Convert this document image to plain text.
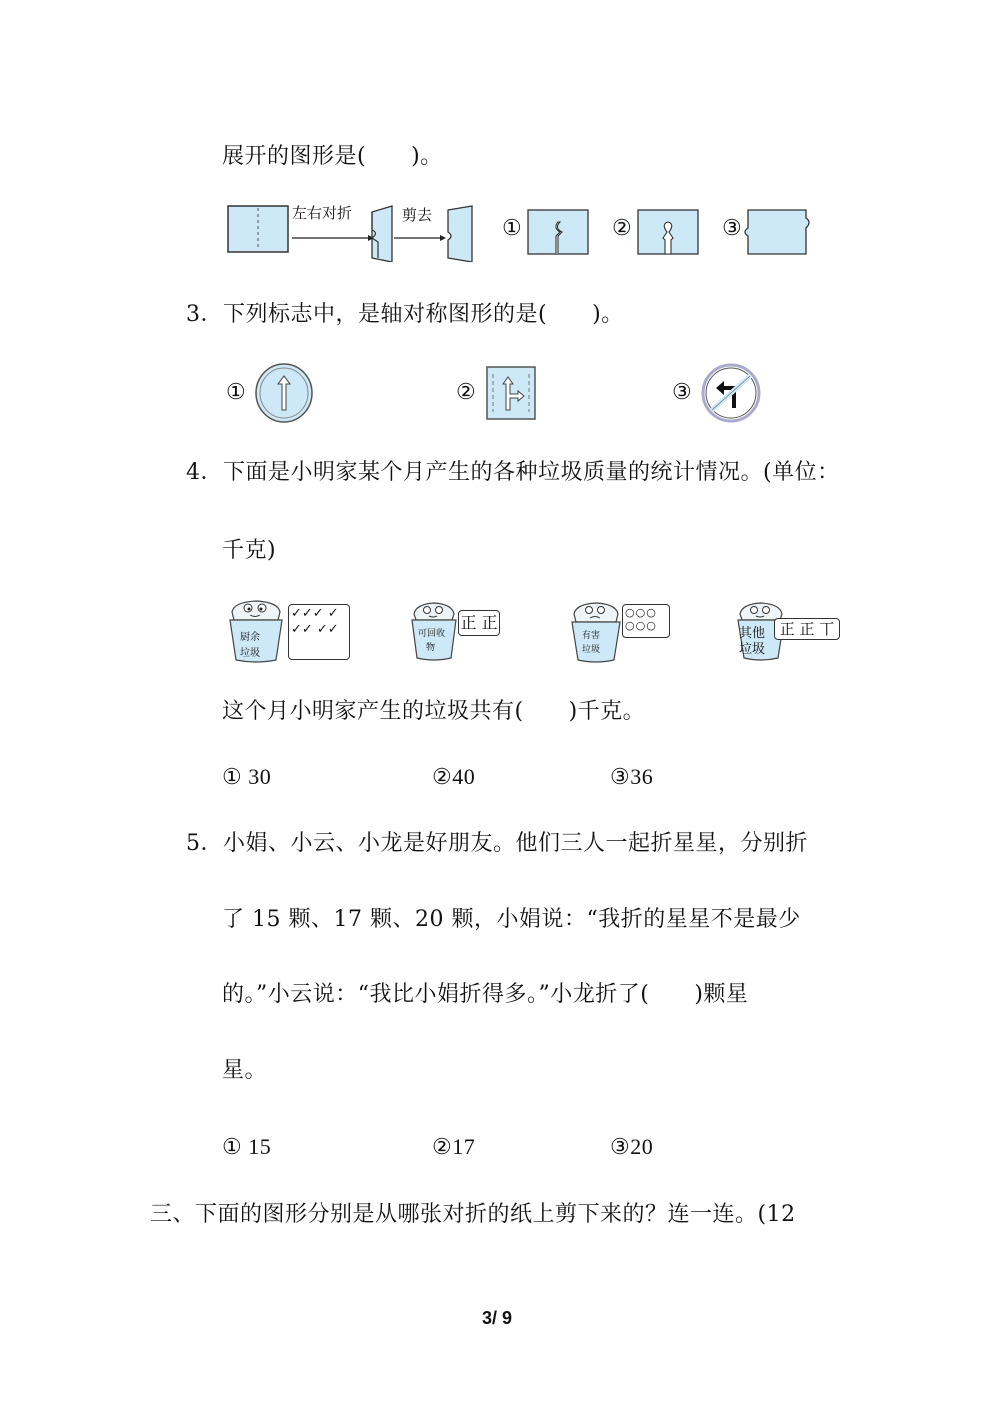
展开的图形是(　　)。
左右对折	剪去
①	②	③
3．下列标志中，是轴对称图形的是(　　)。
①	②	③
4．下面是小明家某个月产生的各种垃圾质量的统计情况。(单位：
千克)
厨余
垃圾
✓✓✓ ✓✓✓ ✓✓	可回收
物
正 正
有害
垃圾
○○○○○○
其他
垃圾
正 正 丅
这个月小明家产生的垃圾共有(　　)千克。
① 30	②40	③36
5．小娟、小云、小龙是好朋友。他们三人一起折星星，分别折
了 15 颗、17 颗、20 颗，小娟说：“我折的星星不是最少
的。”小云说：“我比小娟折得多。”小龙折了(　　)颗星
星。
① 15	②17	③20
三、下面的图形分别是从哪张对折的纸上剪下来的？连一连。(12
3/ 9
